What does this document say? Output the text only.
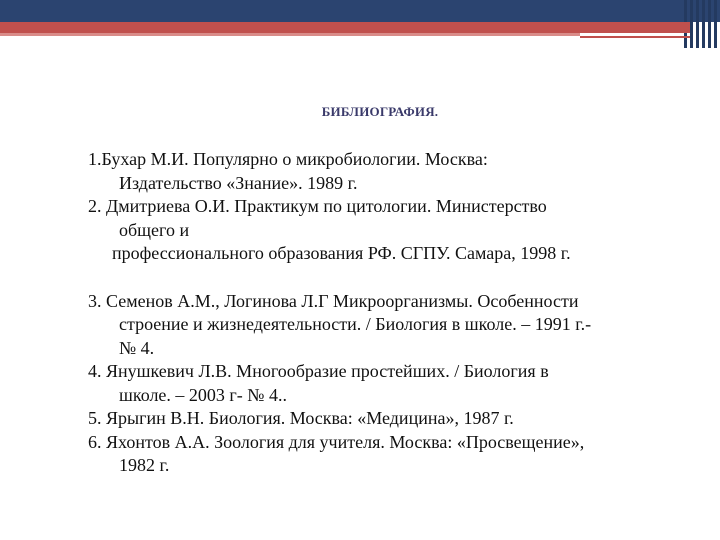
БИБЛИОГРАФИЯ.
1.Бухар М.И. Популярно о микробиологии. Москва:
Издательство «Знание». 1989 г.
2. Дмитриева О.И. Практикум по цитологии. Министерство
общего и
профессионального образования РФ. СГПУ. Самара, 1998 г.
3. Семенов А.М., Логинова Л.Г Микроорганизмы. Особенности
строение и жизнедеятельности. / Биология в школе. – 1991 г.-
№ 4.
4. Янушкевич Л.В. Многообразие простейших. / Биология в
школе. – 2003 г- № 4..
5. Ярыгин В.Н. Биология. Москва: «Медицина», 1987 г.
6. Яхонтов А.А. Зоология для учителя. Москва: «Просвещение»,
1982 г.
